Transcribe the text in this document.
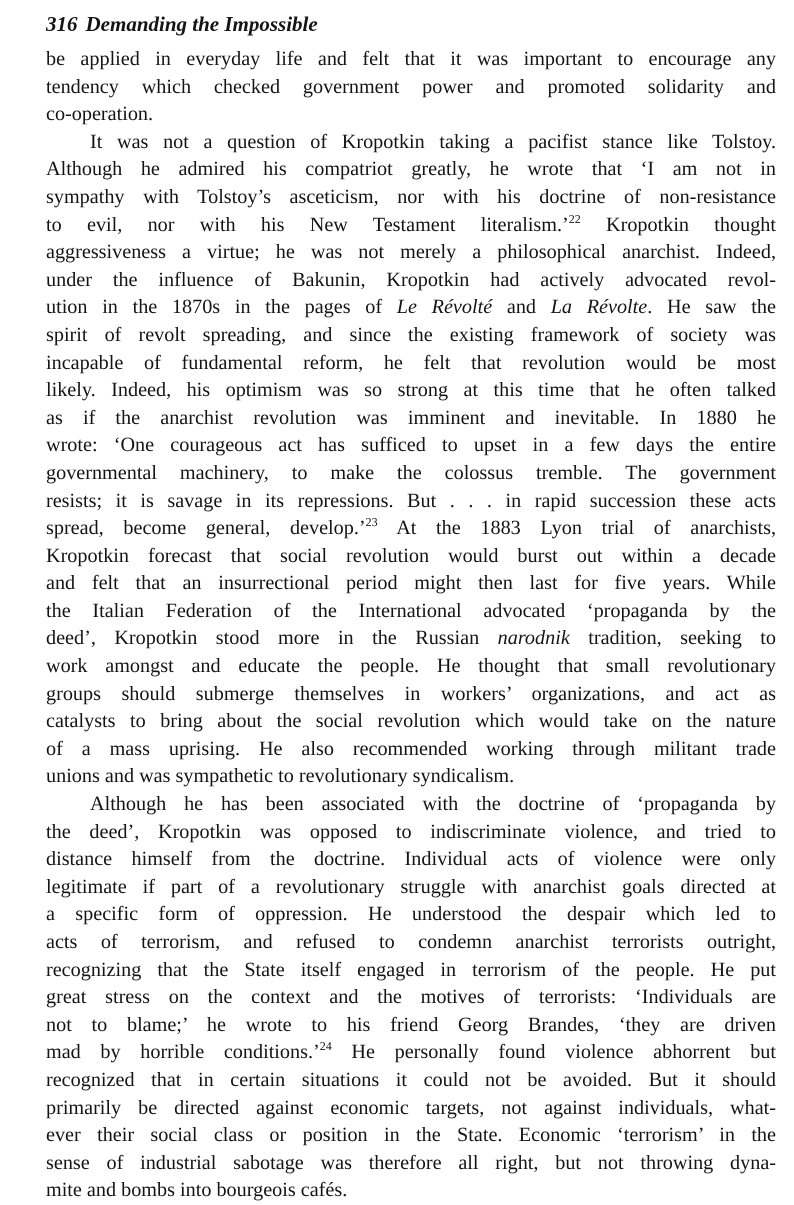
316 Demanding the Impossible
be applied in everyday life and felt that it was important to encourage any
tendency which checked government power and promoted solidarity and
co-operation.
It was not a question of Kropotkin taking a pacifist stance like Tolstoy.
Although he admired his compatriot greatly, he wrote that ‘I am not in
sympathy with Tolstoy’s asceticism, nor with his doctrine of non-resistance
to evil, nor with his New Testament literalism.’$^{22}$ Kropotkin thought
aggressiveness a virtue; he was not merely a philosophical anarchist. Indeed,
under the influence of Bakunin, Kropotkin had actively advocated revol-
ution in the 1870s in the pages of Le Révolté and La Révolte. He saw the
spirit of revolt spreading, and since the existing framework of society was
incapable of fundamental reform, he felt that revolution would be most
likely. Indeed, his optimism was so strong at this time that he often talked
as if the anarchist revolution was imminent and inevitable. In 1880 he
wrote: ‘One courageous act has sufficed to upset in a few days the entire
governmental machinery, to make the colossus tremble. The government
resists; it is savage in its repressions. But . . . in rapid succession these acts
spread, become general, develop.’$^{23}$ At the 1883 Lyon trial of anarchists,
Kropotkin forecast that social revolution would burst out within a decade
and felt that an insurrectional period might then last for five years. While
the Italian Federation of the International advocated ‘propaganda by the
deed’, Kropotkin stood more in the Russian narodnik tradition, seeking to
work amongst and educate the people. He thought that small revolutionary
groups should submerge themselves in workers’ organizations, and act as
catalysts to bring about the social revolution which would take on the nature
of a mass uprising. He also recommended working through militant trade
unions and was sympathetic to revolutionary syndicalism.
Although he has been associated with the doctrine of ‘propaganda by
the deed’, Kropotkin was opposed to indiscriminate violence, and tried to
distance himself from the doctrine. Individual acts of violence were only
legitimate if part of a revolutionary struggle with anarchist goals directed at
a specific form of oppression. He understood the despair which led to
acts of terrorism, and refused to condemn anarchist terrorists outright,
recognizing that the State itself engaged in terrorism of the people. He put
great stress on the context and the motives of terrorists: ‘Individuals are
not to blame;’ he wrote to his friend Georg Brandes, ‘they are driven
mad by horrible conditions.’$^{24}$ He personally found violence abhorrent but
recognized that in certain situations it could not be avoided. But it should
primarily be directed against economic targets, not against individuals, what-
ever their social class or position in the State. Economic ‘terrorism’ in the
sense of industrial sabotage was therefore all right, but not throwing dyna-
mite and bombs into bourgeois cafés.
